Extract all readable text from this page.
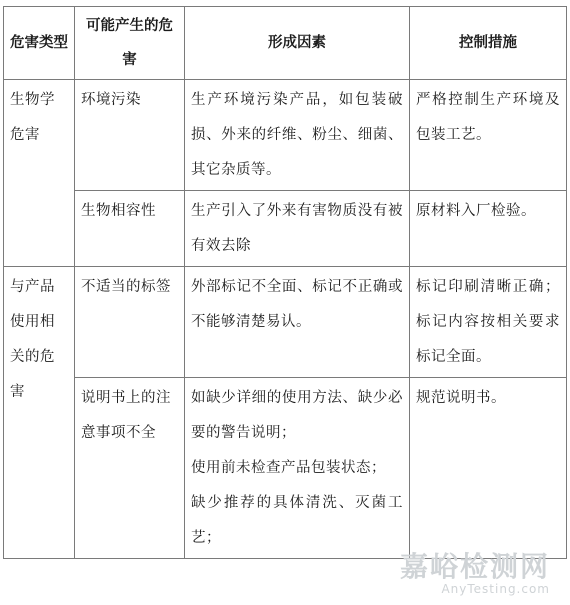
危害类型	可能产生的危害	形成因素	控制措施
生物学危害	环境污染	生产环境污染产品，如包装破损、外来的纤维、粉尘、细菌、其它杂质等。	严格控制生产环境及包装工艺。
	生物相容性	生产引入了外来有害物质没有被有效去除	原材料入厂检验。
与产品使用相关的危害	不适当的标签	外部标记不全面、标记不正确或不能够清楚易认。	标记印刷清晰正确；标记内容按相关要求标记全面。
	说明书上的注意事项不全	如缺少详细的使用方法、缺少必要的警告说明；
使用前未检查产品包装状态；
缺少推荐的具体清洗、灭菌工艺；	规范说明书。
嘉峪检测网
AnyTesting.com
